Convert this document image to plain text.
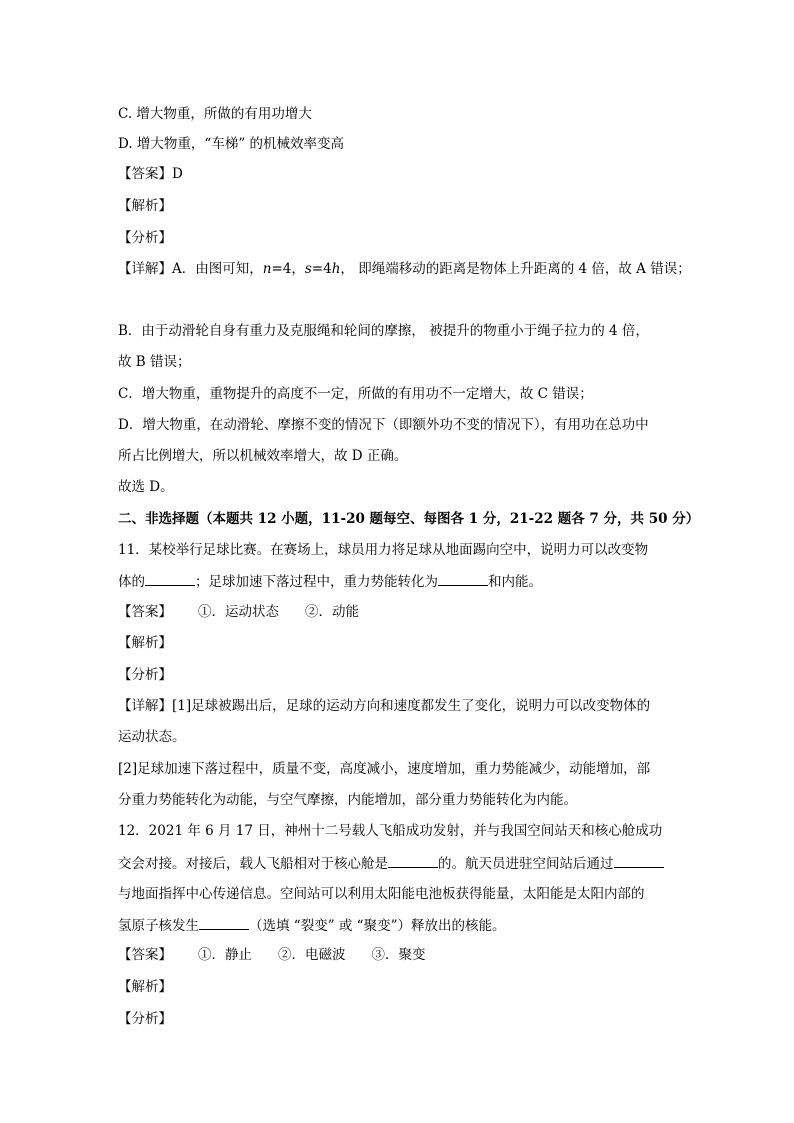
C. 增大物重，所做的有用功增大
D. 增大物重，“车梯” 的机械效率变高
【答案】D
【解析】
【分析】
【详解】A．由图可知，n=4，s=4h， 即绳端移动的距离是物体上升距离的 4 倍，故 A 错误；
B．由于动滑轮自身有重力及克服绳和轮间的摩擦， 被提升的物重小于绳子拉力的 4 倍，
故 B 错误；
C．增大物重，重物提升的高度不一定，所做的有用功不一定增大，故 C 错误；
D．增大物重，在动滑轮、摩擦不变的情况下（即额外功不变的情况下），有用功在总功中
所占比例增大，所以机械效率增大，故 D 正确。
故选 D。
二、非选择题（本题共 12 小题，11-20 题每空、每图各 1 分，21-22 题各 7 分，共 50 分）
11．某校举行足球比赛。在赛场上，球员用力将足球从地面踢向空中，说明力可以改变物
体的	；足球加速下落过程中，重力势能转化为	和内能。
【答案】 ①．运动状态 ②．动能
【解析】
【分析】
【详解】[1]足球被踢出后，足球的运动方向和速度都发生了变化，说明力可以改变物体的
运动状态。
[2]足球加速下落过程中，质量不变，高度减小，速度增加，重力势能减少，动能增加，部
分重力势能转化为动能，与空气摩擦，内能增加，部分重力势能转化为内能。
12．2021 年 6 月 17 日，神州十二号载人飞船成功发射，并与我国空间站天和核心舱成功
交会对接。对接后，载人飞船相对于核心舱是	的。航天员进驻空间站后通过
与地面指挥中心传递信息。空间站可以利用太阳能电池板获得能量，太阳能是太阳内部的
氢原子核发生	（选填 “裂变” 或 “聚变”）释放出的核能。
【答案】 ①．静止 ②．电磁波 ③．聚变
【解析】
【分析】
